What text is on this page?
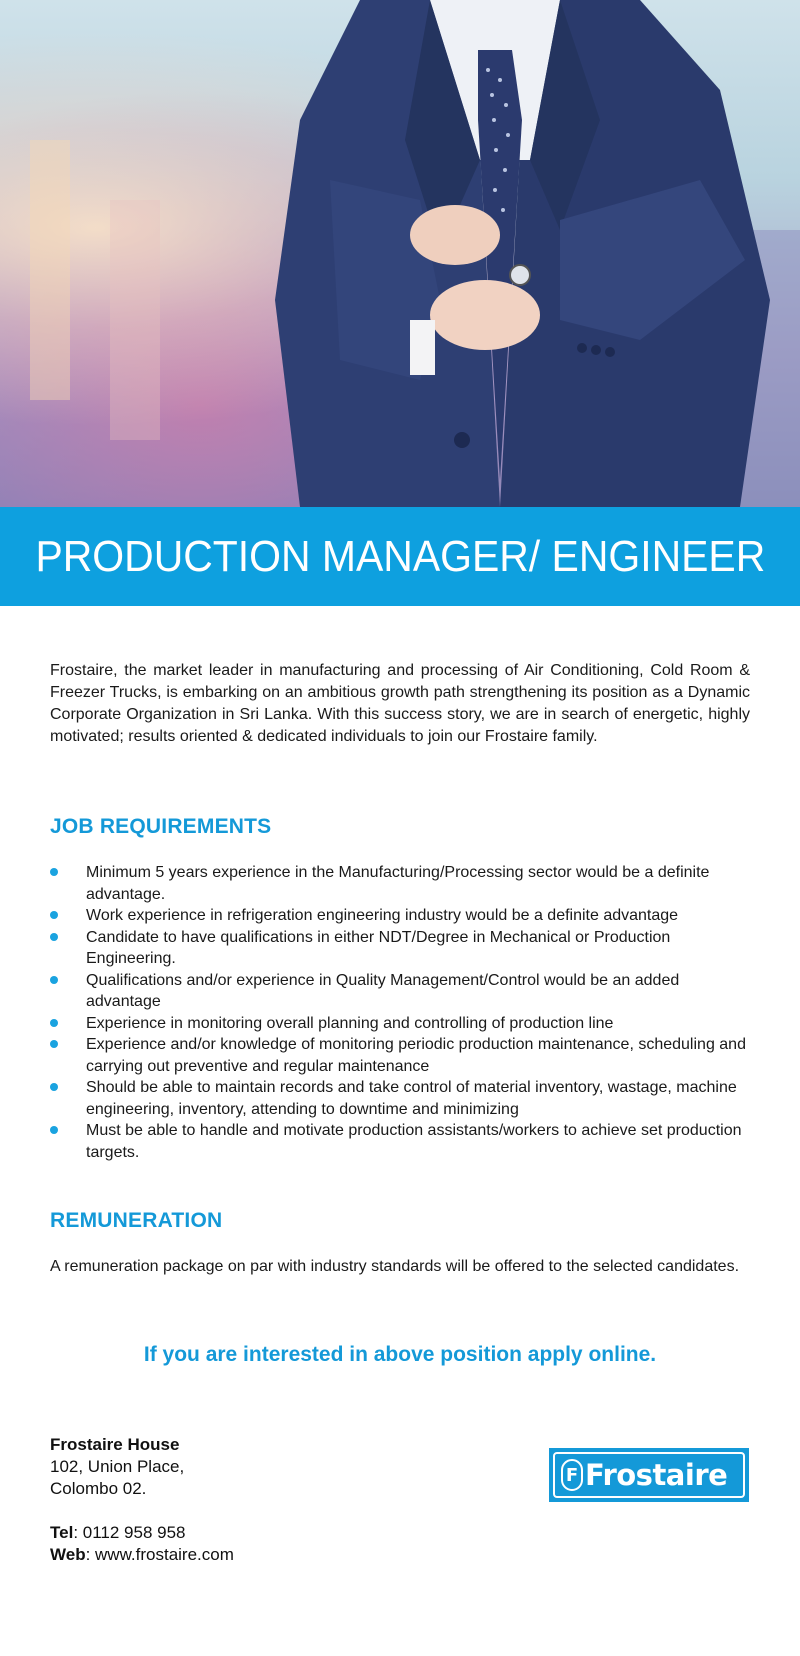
PRODUCTION MANAGER/ ENGINEER

Frostaire, the market leader in manufacturing and processing of Air Conditioning, Cold Room & Freezer Trucks, is embarking on an ambitious growth path strengthening its position as a Dynamic Corporate Organization in Sri Lanka. With this success story, we are in search of energetic, highly motivated; results oriented & dedicated individuals to join our Frostaire family.

JOB REQUIREMENTS
Minimum 5 years experience in the Manufacturing/Processing sector would be a definite advantage.
Work experience in refrigeration engineering industry would be a definite advantage
Candidate to have qualifications in either NDT/Degree in Mechanical or Production Engineering.
Qualifications and/or experience in Quality Management/Control would be an added advantage
Experience in monitoring overall planning and controlling of production line
Experience and/or knowledge of monitoring periodic production maintenance, scheduling and carrying out preventive and regular maintenance
Should be able to maintain records and take control of material inventory, wastage, machine engineering, inventory, attending to downtime and minimizing
Must be able to handle and motivate production assistants/workers to achieve set production targets.
REMUNERATION

A remuneration package on par with industry standards will be offered to the selected candidates.

If you are interested in above position apply online.
Frostaire House
102, Union Place,
Colombo 02.
Tel: 0112 958 958
Web: www.frostaire.com
F Frostaire
